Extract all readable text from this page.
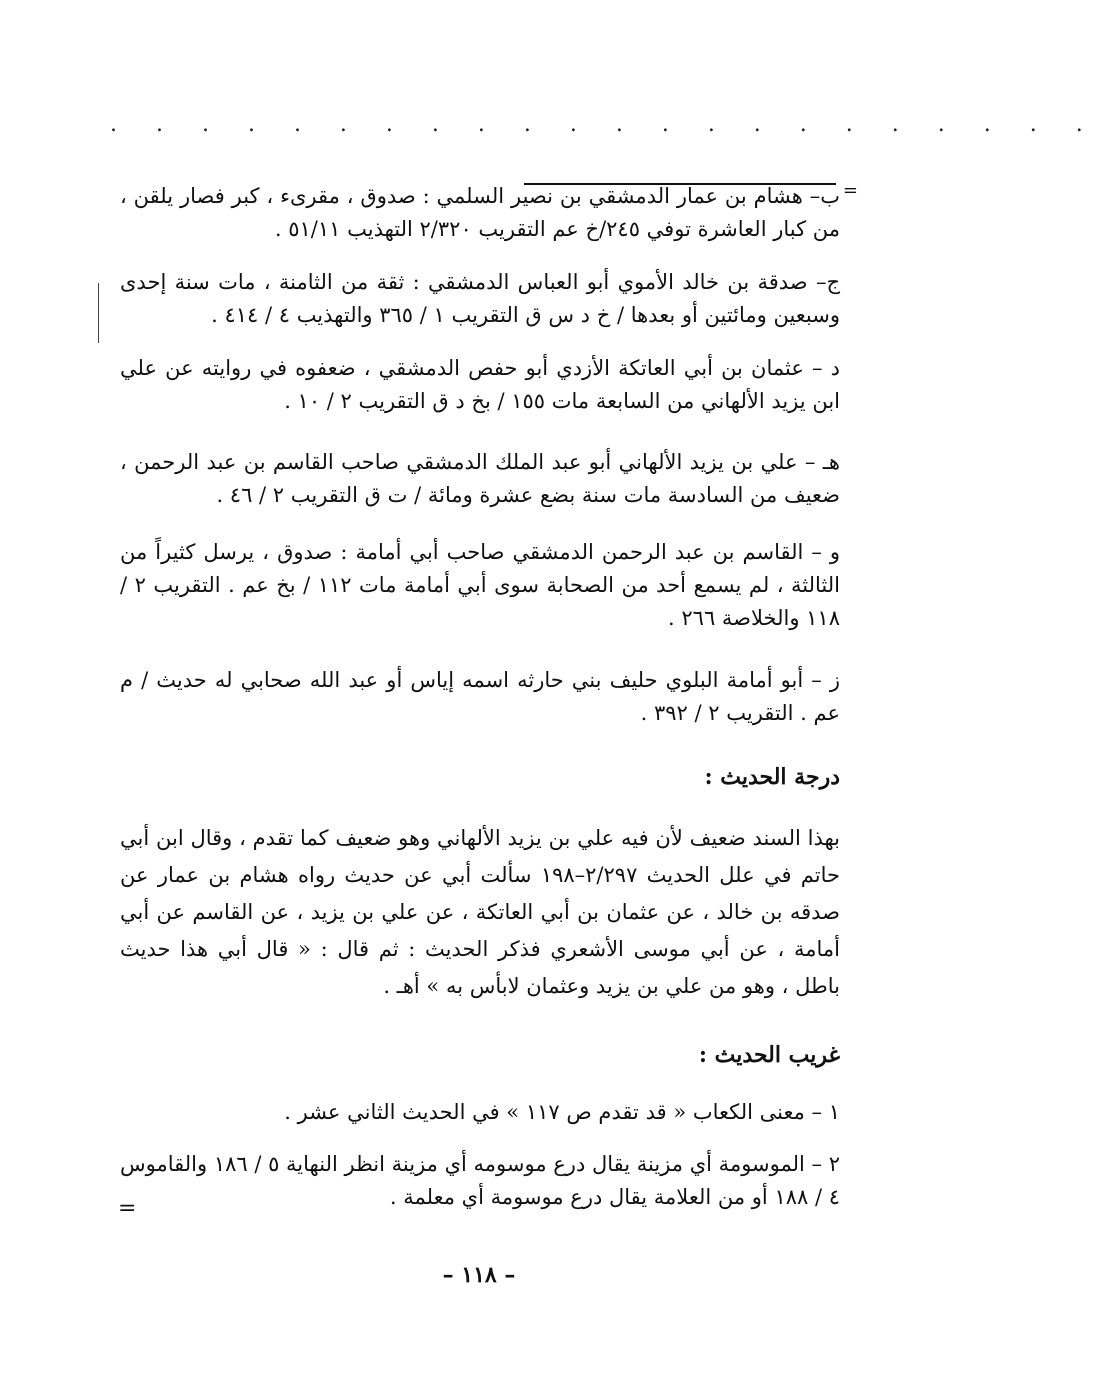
. . . . . . . . . . . . . . . . . . . . . .
=

ب– هشام بن عمار الدمشقي بن نصير السلمي : صدوق ، مقرىء ، كبر فصار يلقن ، من كبار العاشرة توفي ٢٤٥/خ عم التقريب ٢/٣٢٠ التهذيب ٥١/١١ .

ج– صدقة بن خالد الأموي أبو العباس الدمشقي : ثقة من الثامنة ، مات سنة إحدى وسبعين ومائتين أو بعدها / خ د س ق التقريب ١ / ٣٦٥ والتهذيب ٤ / ٤١٤ .

د – عثمان بن أبي العاتكة الأزدي أبو حفص الدمشقي ، ضعفوه في روايته عن علي ابن يزيد الألهاني من السابعة مات ١٥٥ / بخ د ق التقريب ٢ / ١٠ .

هـ – علي بن يزيد الألهاني أبو عبد الملك الدمشقي صاحب القاسم بن عبد الرحمن ، ضعيف من السادسة مات سنة بضع عشرة ومائة / ت ق التقريب ٢ / ٤٦ .

و – القاسم بن عبد الرحمن الدمشقي صاحب أبي أمامة : صدوق ، يرسل كثيراً من الثالثة ، لم يسمع أحد من الصحابة سوى أبي أمامة مات ١١٢ / بخ عم . التقريب ٢ / ١١٨ والخلاصة ٢٦٦ .

ز – أبو أمامة البلوي حليف بني حارثه اسمه إياس أو عبد الله صحابي له حديث / م عم . التقريب ٢ / ٣٩٢ .

درجة الحديث :

بهذا السند ضعيف لأن فيه علي بن يزيد الألهاني وهو ضعيف كما تقدم ، وقال ابن أبي حاتم في علل الحديث ٢/٢٩٧–١٩٨ سألت أبي عن حديث رواه هشام بن عمار عن صدقه بن خالد ، عن عثمان بن أبي العاتكة ، عن علي بن يزيد ، عن القاسم عن أبي أمامة ، عن أبي موسى الأشعري فذكر الحديث : ثم قال : « قال أبي هذا حديث باطل ، وهو من علي بن يزيد وعثمان لابأس به » أهـ .

غريب الحديث :

١ – معنى الكعاب « قد تقدم ص ١١٧ » في الحديث الثاني عشر .

٢ – الموسومة أي مزينة يقال درع موسومه أي مزينة انظر النهاية ٥ / ١٨٦ والقاموس ٤ / ١٨٨ أو من العلامة يقال درع موسومة أي معلمة .

=
– ١١٨ –
